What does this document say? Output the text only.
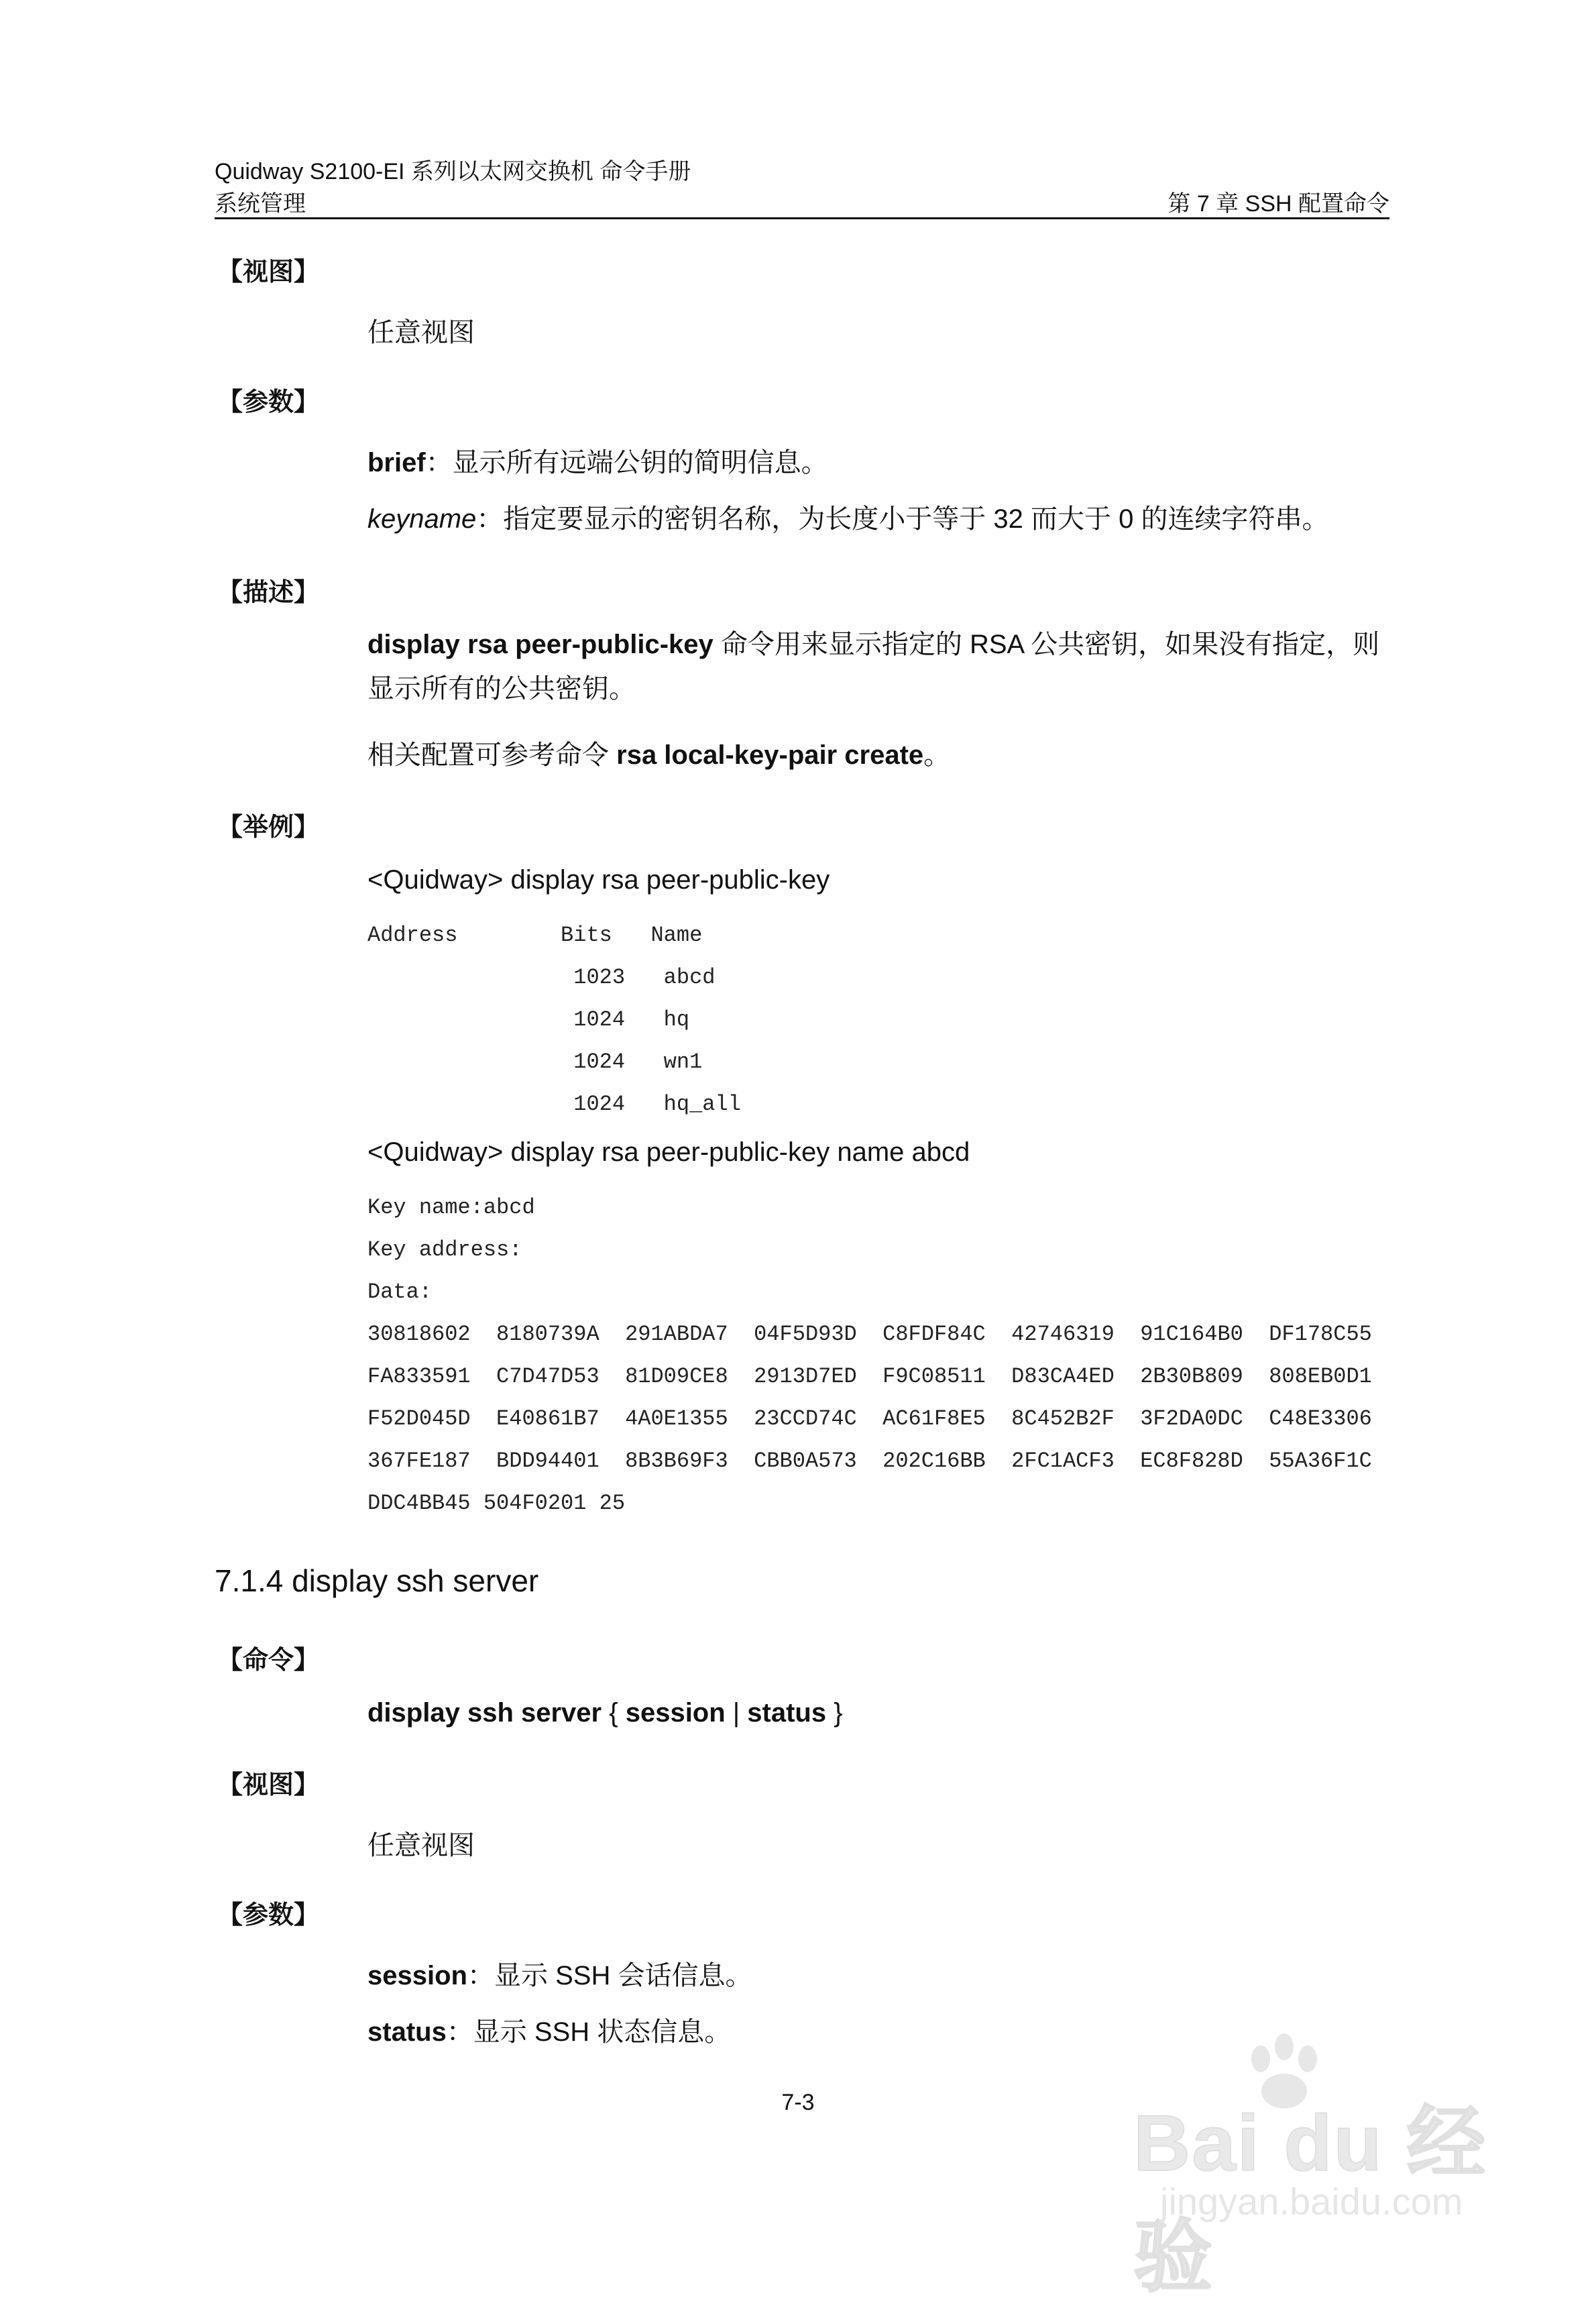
Quidway S2100-EI 系列以太网交换机 命令手册
系统管理	第 7 章 SSH 配置命令
【视图】
任意视图
【参数】
brief：显示所有远端公钥的简明信息。
keyname：指定要显示的密钥名称，为长度小于等于 32 而大于 0 的连续字符串。
【描述】
display rsa peer-public-key 命令用来显示指定的 RSA 公共密钥，如果没有指定，则显示所有的公共密钥。
相关配置可参考命令 rsa local-key-pair create。
【举例】
<Quidway> display rsa peer-public-key
Address        Bits   Name
1023   abcd
1024   hq
1024   wn1
1024   hq_all
<Quidway> display rsa peer-public-key name abcd
Key name:abcd
Key address:
Data:
30818602  8180739A  291ABDA7  04F5D93D  C8FDF84C  42746319  91C164B0  DF178C55
FA833591  C7D47D53  81D09CE8  2913D7ED  F9C08511  D83CA4ED  2B30B809  808EB0D1
F52D045D  E40861B7  4A0E1355  23CCD74C  AC61F8E5  8C452B2F  3F2DA0DC  C48E3306
367FE187  BDD94401  8B3B69F3  CBB0A573  202C16BB  2FC1ACF3  EC8F828D  55A36F1C
DDC4BB45 504F0201 25
7.1.4 display ssh server
【命令】
display ssh server { session | status }
【视图】
任意视图
【参数】
session：显示 SSH 会话信息。
status：显示 SSH 状态信息。
7-3	Bai du 经验
jingyan.baidu.com
